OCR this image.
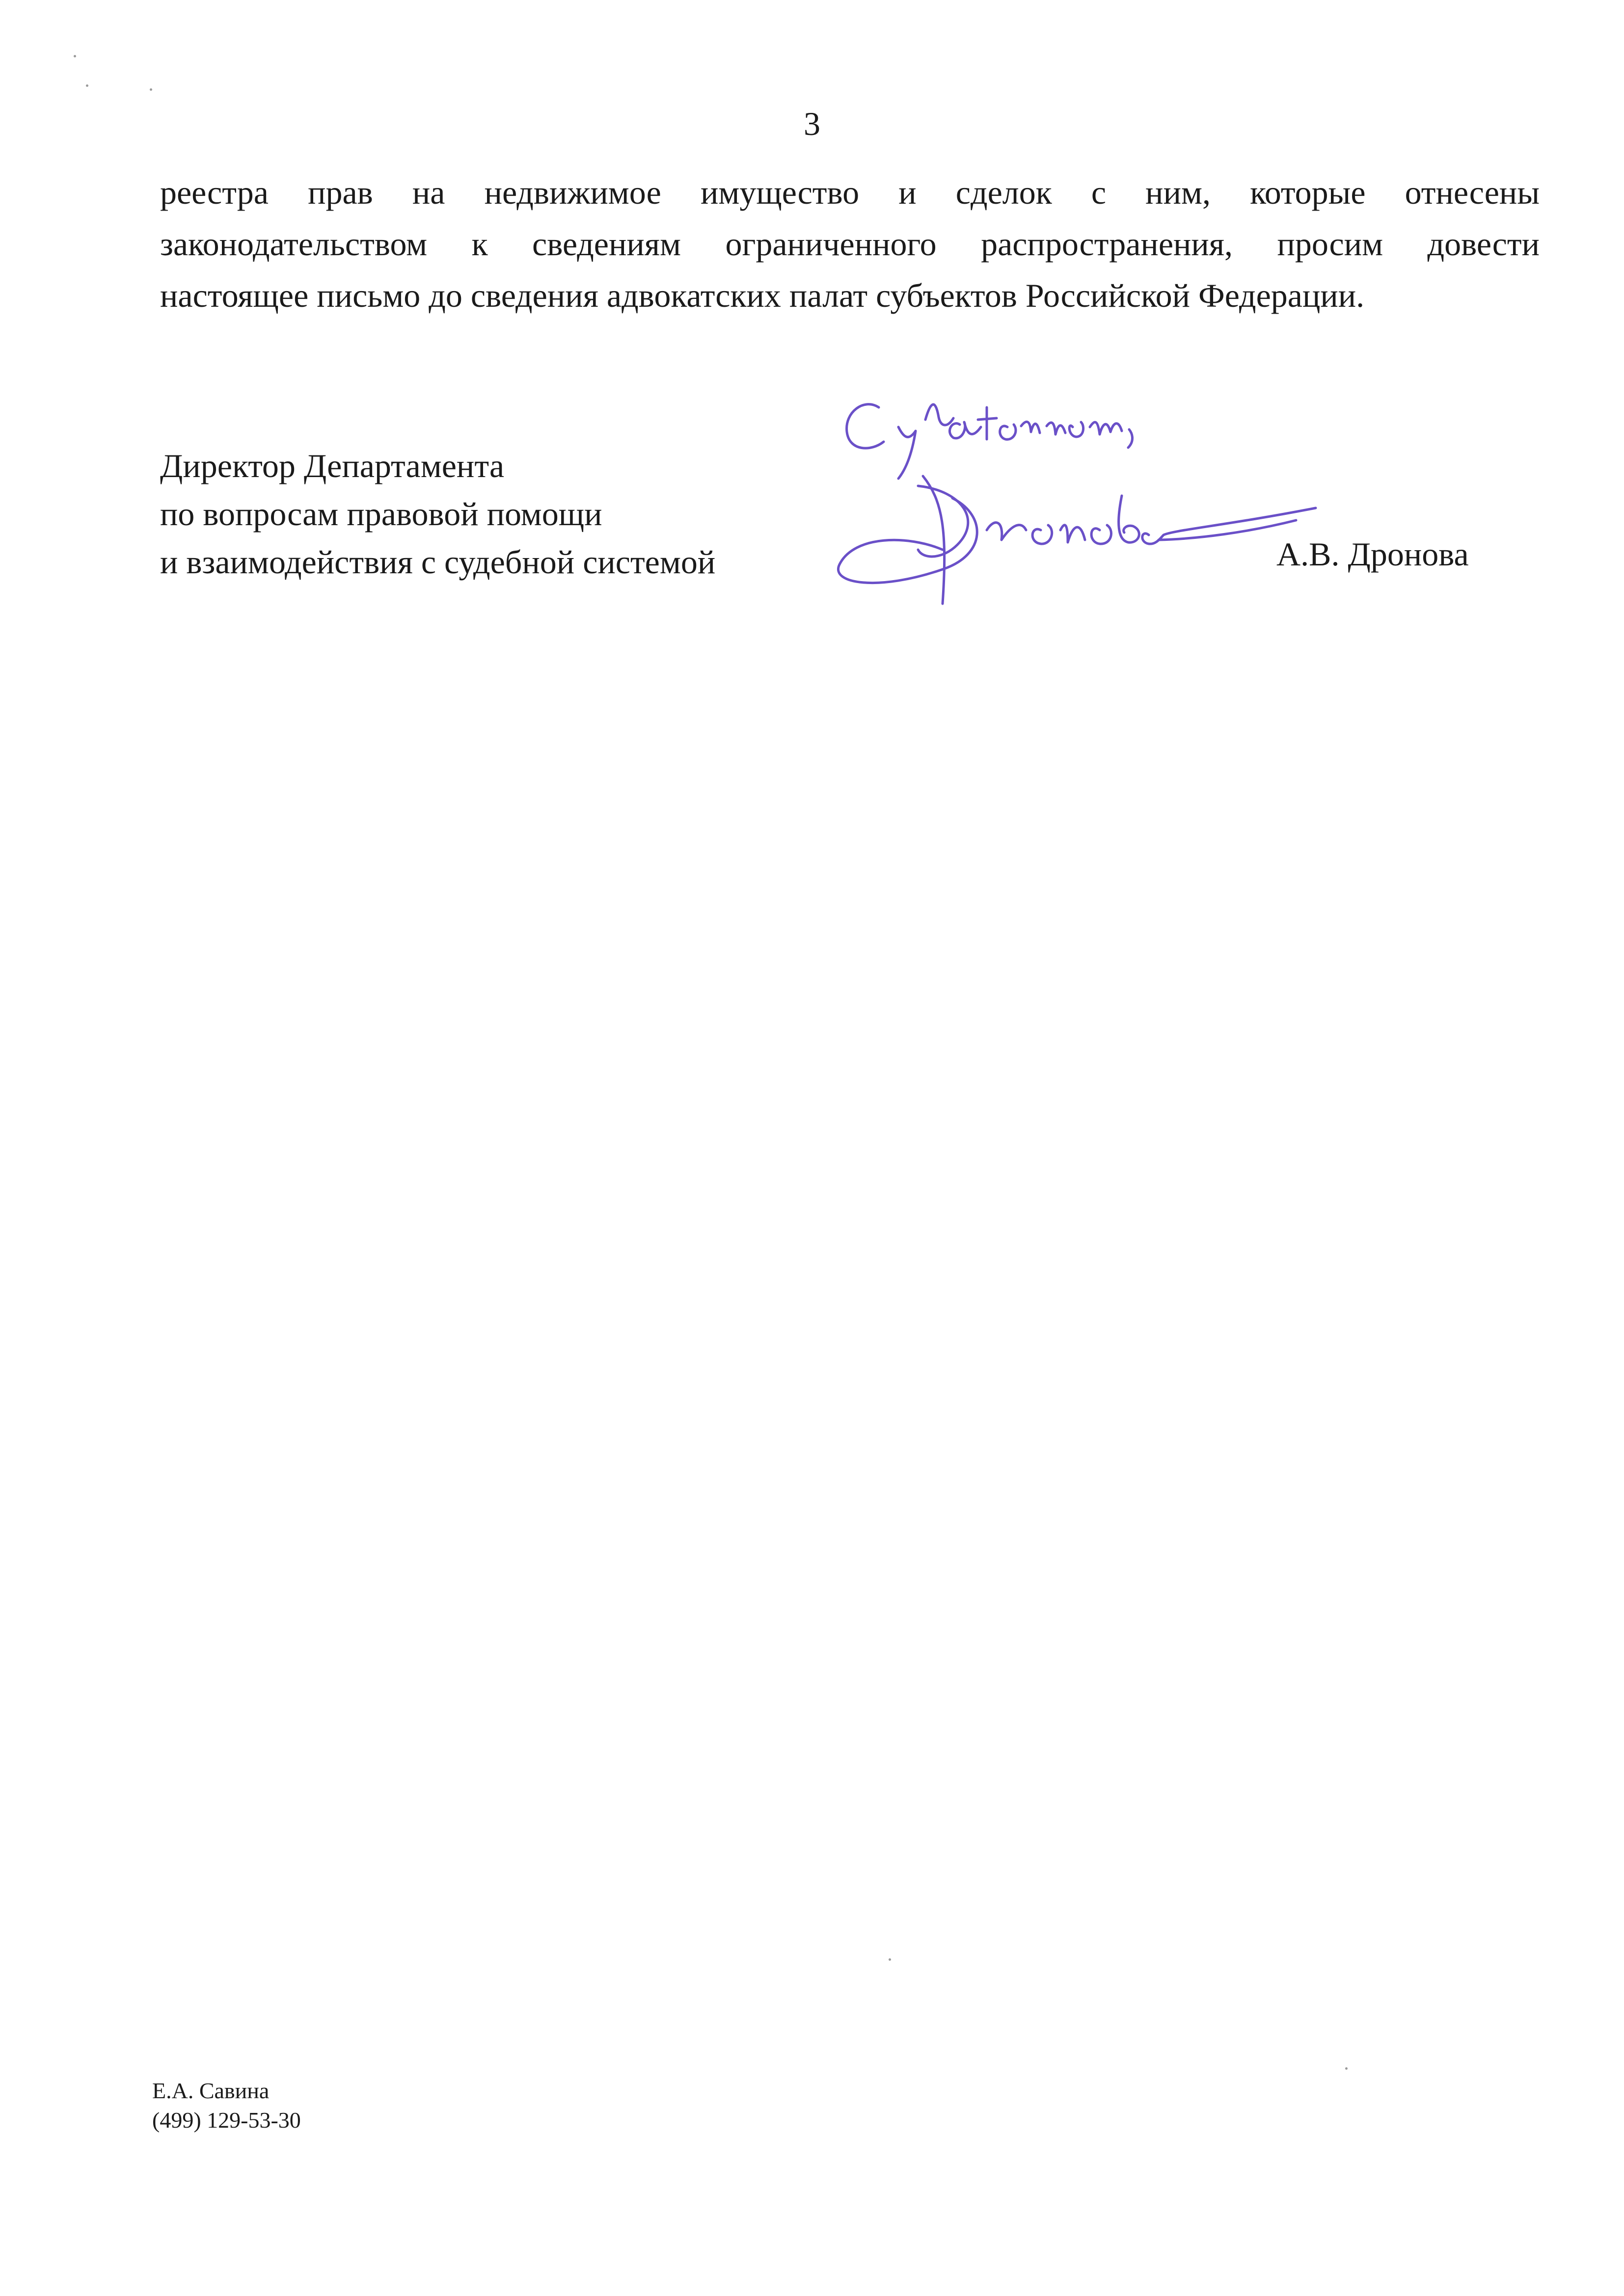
3

реестра прав на недвижимое имущество и сделок с ним, которые отнесены
законодательством к сведениям ограниченного распространения, просим довести
настоящее письмо до сведения адвокатских палат субъектов Российской Федерации.

Директор Департамента
по вопросам правовой помощи
и взаимодействия с судебной системой	А.В. Дронова
Е.А. Савина
(499) 129-53-30
